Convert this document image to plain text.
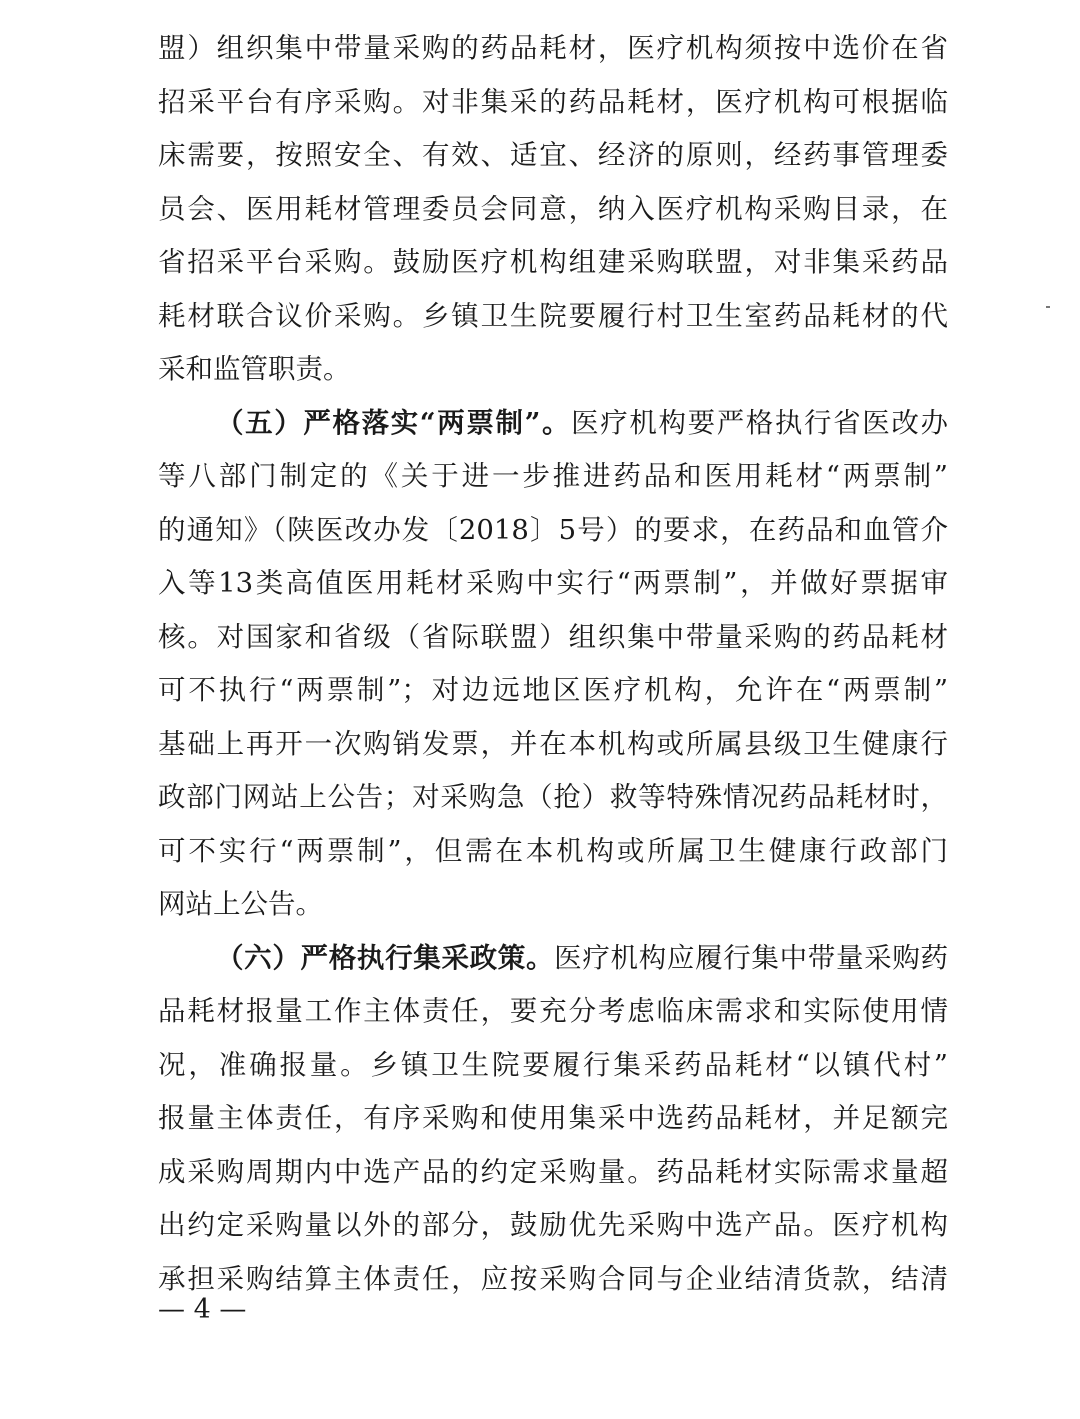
盟）组织集中带量采购的药品耗材，医疗机构须按中选价在省
招采平台有序采购。对非集采的药品耗材，医疗机构可根据临
床需要，按照安全、有效、适宜、经济的原则，经药事管理委
员会、医用耗材管理委员会同意，纳入医疗机构采购目录，在
省招采平台采购。鼓励医疗机构组建采购联盟，对非集采药品
耗材联合议价采购。乡镇卫生院要履行村卫生室药品耗材的代
采和监管职责。
（五）严格落实“两票制”。医疗机构要严格执行省医改办
等八部门制定的《关于进一步推进药品和医用耗材“两票制”
的通知》（陕医改办发〔2018〕5号）的要求，在药品和血管介
入等13类高值医用耗材采购中实行“两票制”，并做好票据审
核。对国家和省级（省际联盟）组织集中带量采购的药品耗材
可不执行“两票制”；对边远地区医疗机构，允许在“两票制”
基础上再开一次购销发票，并在本机构或所属县级卫生健康行
政部门网站上公告；对采购急（抢）救等特殊情况药品耗材时，
可不实行“两票制”，但需在本机构或所属卫生健康行政部门
网站上公告。
（六）严格执行集采政策。医疗机构应履行集中带量采购药
品耗材报量工作主体责任，要充分考虑临床需求和实际使用情
况，准确报量。乡镇卫生院要履行集采药品耗材“以镇代村”
报量主体责任，有序采购和使用集采中选药品耗材，并足额完
成采购周期内中选产品的约定采购量。药品耗材实际需求量超
出约定采购量以外的部分，鼓励优先采购中选产品。医疗机构
承担采购结算主体责任，应按采购合同与企业结清货款，结清
— 4 —
